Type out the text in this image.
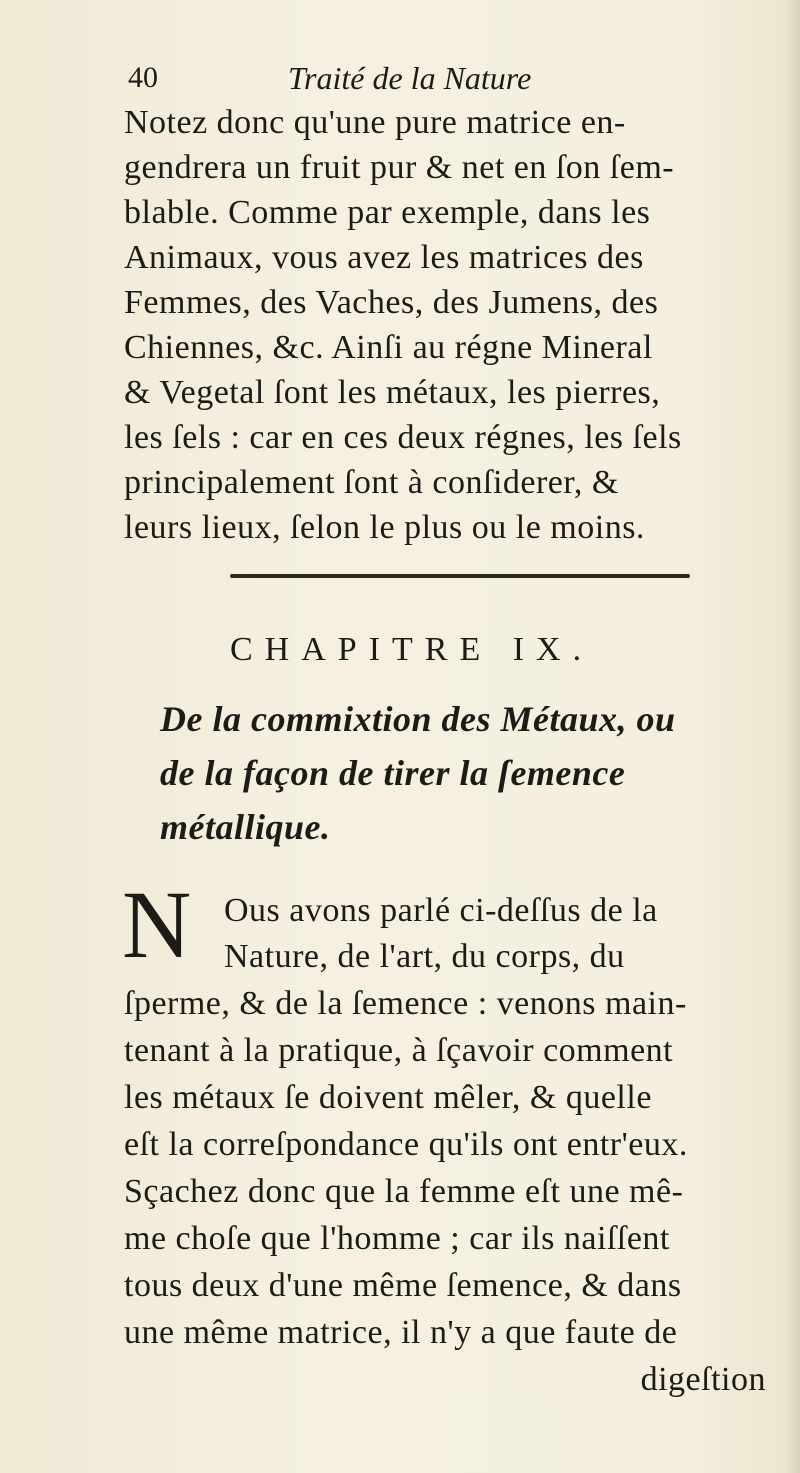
40	Traité de la Nature
Notez donc qu'une pure matrice en-
gendrera un fruit pur & net en ſon ſem-
blable. Comme par exemple, dans les
Animaux, vous avez les matrices des
Femmes, des Vaches, des Jumens, des
Chiennes, &c. Ainſi au régne Mineral
& Vegetal ſont les métaux, les pierres,
les ſels : car en ces deux régnes, les ſels
principalement ſont à conſiderer, &
leurs lieux, ſelon le plus ou le moins.
CHAPITRE IX.
De la commixtion des Métaux, ou
de la façon de tirer la ſemence
métallique.
N Ous avons parlé ci-deſſus de la
Nature, de l'art, du corps, du
ſperme, & de la ſemence : venons main-
tenant à la pratique, à ſçavoir comment
les métaux ſe doivent mêler, & quelle
eſt la correſpondance qu'ils ont entr'eux.
Sçachez donc que la femme eſt une mê-
me choſe que l'homme ; car ils naiſſent
tous deux d'une même ſemence, & dans
une même matrice, il n'y a que faute de
digeſtion
